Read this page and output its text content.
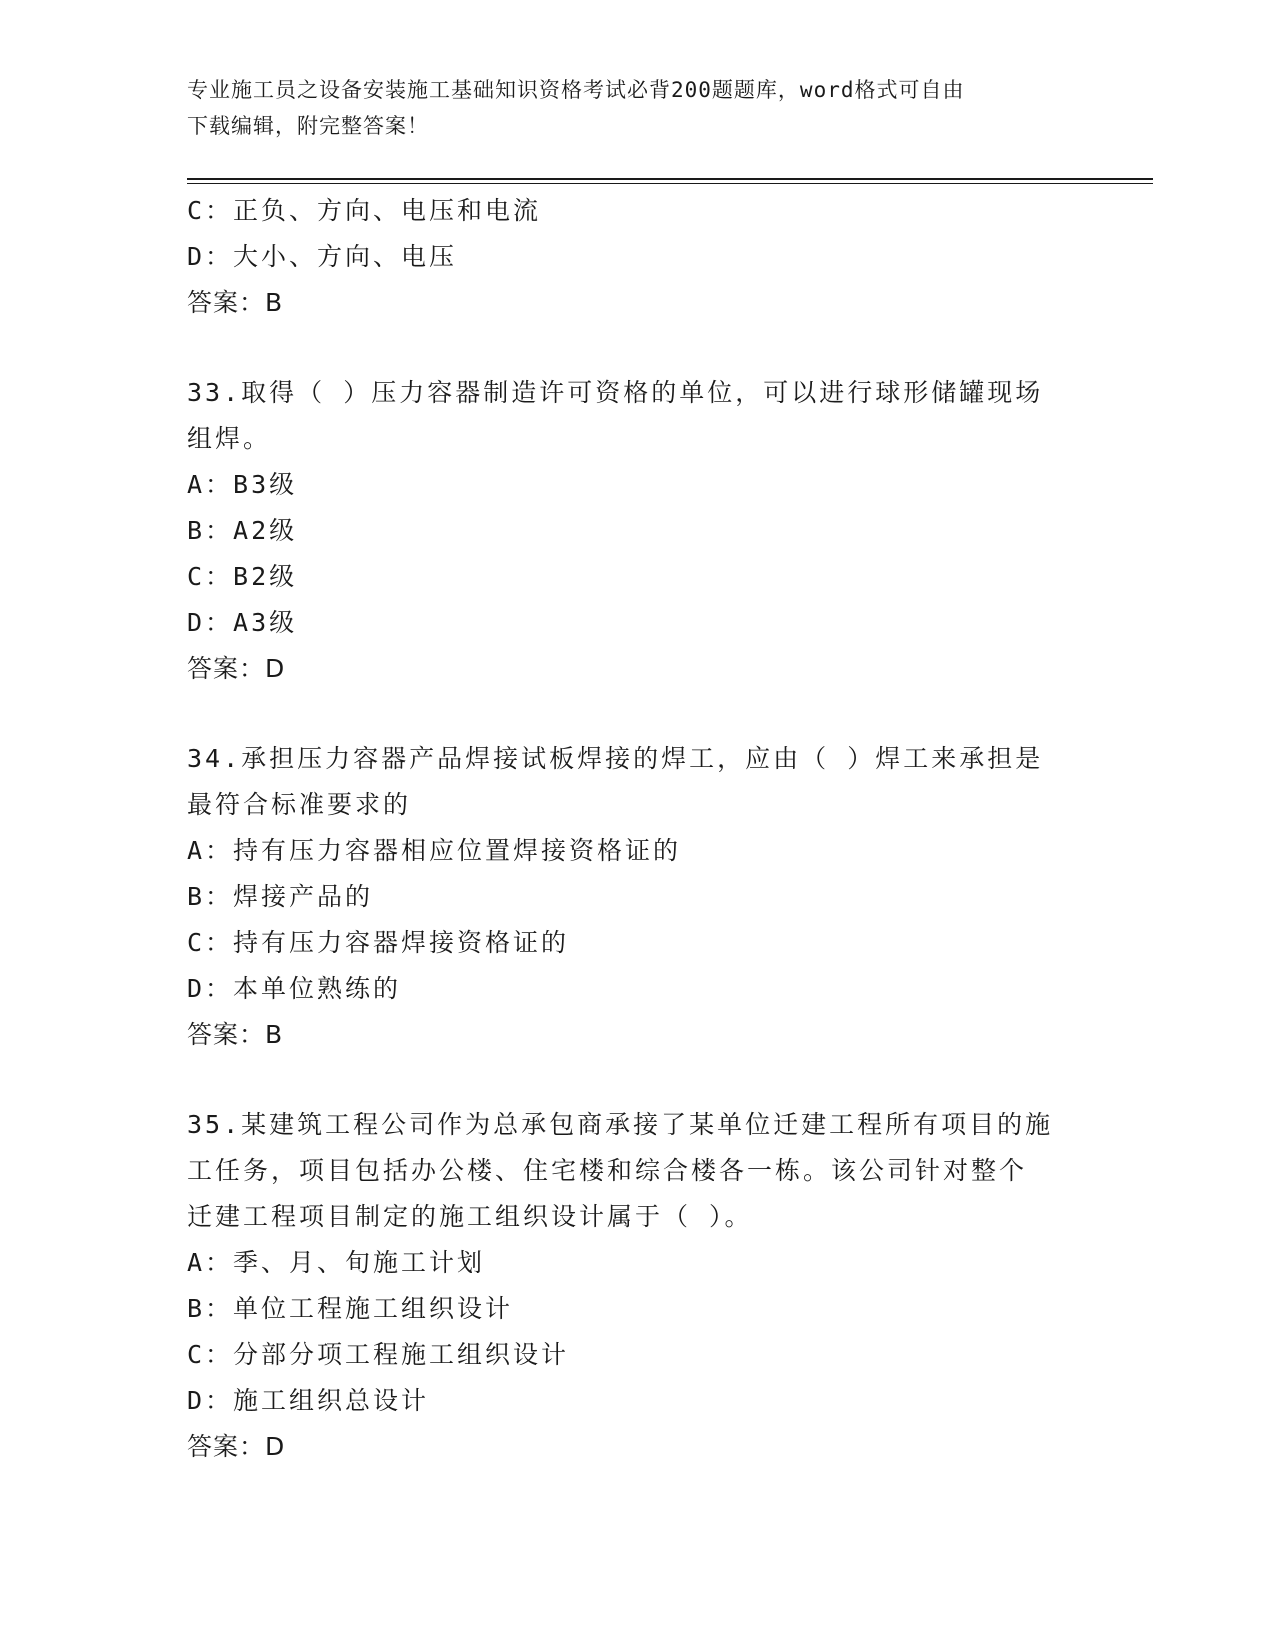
专业施工员之设备安装施工基础知识资格考试必背200题题库，word格式可自由
下载编辑，附完整答案！
C：正负、方向、电压和电流
D：大小、方向、电压
答案：B
33.取得（ ）压力容器制造许可资格的单位，可以进行球形储罐现场
组焊。
A：B3级
B：A2级
C：B2级
D：A3级
答案：D
34.承担压力容器产品焊接试板焊接的焊工，应由（ ）焊工来承担是
最符合标准要求的
A：持有压力容器相应位置焊接资格证的
B：焊接产品的
C：持有压力容器焊接资格证的
D：本单位熟练的
答案：B
35.某建筑工程公司作为总承包商承接了某单位迁建工程所有项目的施
工任务，项目包括办公楼、住宅楼和综合楼各一栋。该公司针对整个
迁建工程项目制定的施工组织设计属于（ ）。
A：季、月、旬施工计划
B：单位工程施工组织设计
C：分部分项工程施工组织设计
D：施工组织总设计
答案：D
